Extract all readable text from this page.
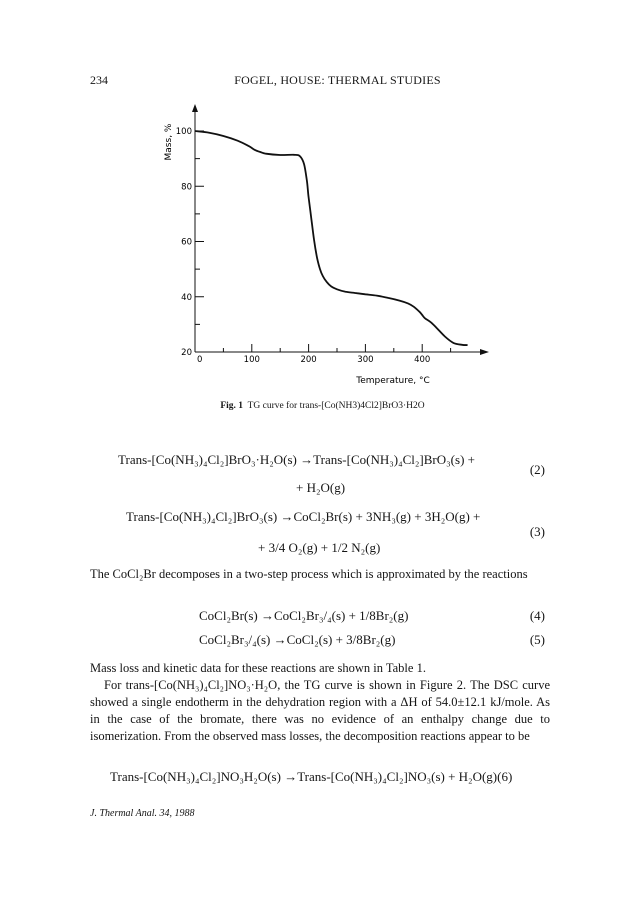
234	FOGEL, HOUSE: THERMAL STUDIES
20
40
60
80
100
0	100	200	300	400
Mass, %
Temperature, °C
Fig. 1 TG curve for trans-[Co(NH3)4Cl2]BrO3·H2O
Trans-[Co(NH₃)₄Cl₂]BrO₃·H₂O(s) →Trans-[Co(NH₃)₄Cl₂]BrO₃(s) +
(2)
+ H₂O(g)
Trans-[Co(NH₃)₄Cl₂]BrO₃(s) →CoCl₂Br(s) + 3NH₃(g) + 3H₂O(g) +
(3)
+ 3/4 O₂(g) + 1/2 N₂(g)
The CoCl₂Br decomposes in a two-step process which is approximated by the reactions
CoCl₂Br(s) →CoCl₂Br₃/₄(s) + 1/8Br₂(g)	(4)
CoCl₂Br₃/₄(s) →CoCl₂(s) + 3/8Br₂(g)	(5)
Mass loss and kinetic data for these reactions are shown in Table 1.
For trans-[Co(NH₃)₄Cl₂]NO₃·H₂O, the TG curve is shown in Figure 2. The DSC curve showed a single endotherm in the dehydration region with a ΔH of 54.0±12.1 kJ/mole. As in the case of the bromate, there was no evidence of an enthalpy change due to isomerization. From the observed mass losses, the decomposition reactions appear to be
Trans-[Co(NH₃)₄Cl₂]NO₃H₂O(s) →Trans-[Co(NH₃)₄Cl₂]NO₃(s) + H₂O(g)(6)
J. Thermal Anal. 34, 1988
